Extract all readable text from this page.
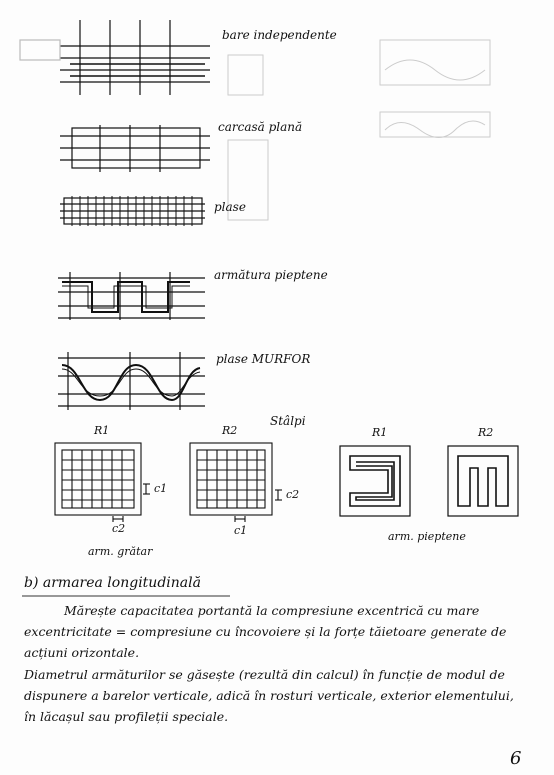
bare independente
carcasă plană
plase
armătura pieptene
plase MURFOR
Stâlpi
R1	R2	R1	R2
c1	c2
c2	c1
arm. grătar
arm. pieptene
b) armarea longitudinală
Mărește capacitatea portantă la compresiune excentrică cu mare excentricitate = compresiune cu încovoiere și la forțe tăietoare generate de acțiuni orizontale.
Diametrul armăturilor se găsește (rezultă din calcul) în funcție de modul de dispunere a barelor verticale, adică în rosturi verticale, exterior elementului, în lăcașul sau profileții speciale.
6
